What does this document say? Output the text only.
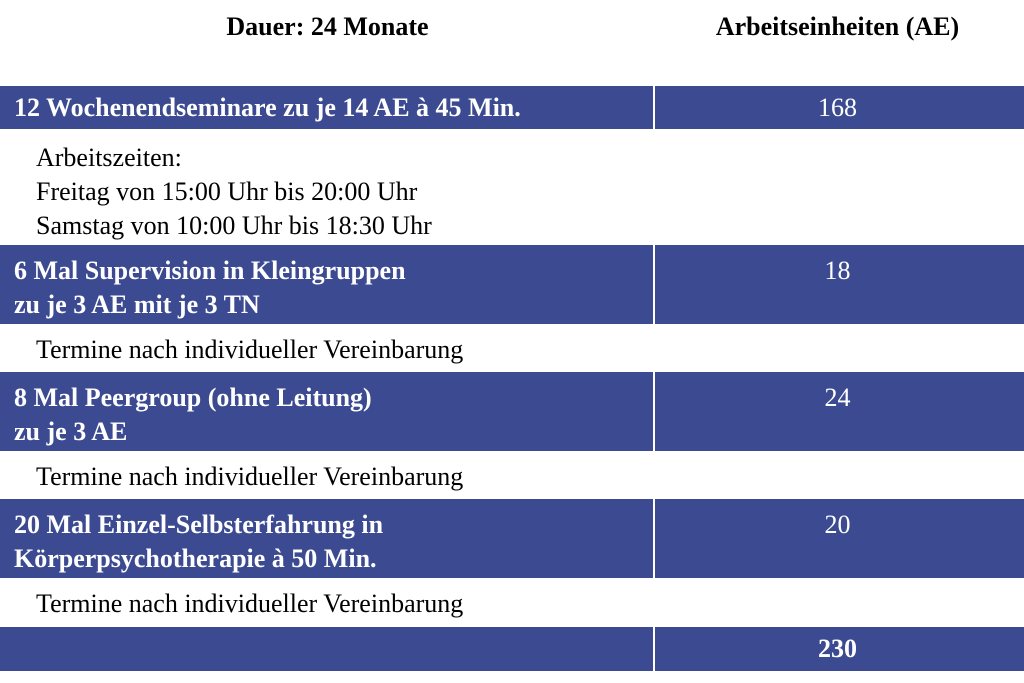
Dauer: 24 Monate	Arbeitseinheiten (AE)
12 Wochenendseminare zu je 14 AE à 45 Min.	168
Arbeitszeiten:
Freitag von 15:00 Uhr bis 20:00 Uhr
Samstag von 10:00 Uhr bis 18:30 Uhr
6 Mal Supervision in Kleingruppen
zu je 3 AE mit je 3 TN
18
Termine nach individueller Vereinbarung
8 Mal Peergroup (ohne Leitung)
zu je 3 AE
24
Termine nach individueller Vereinbarung
20 Mal Einzel-Selbsterfahrung in
Körperpsychotherapie à 50 Min.
20
Termine nach individueller Vereinbarung
230
